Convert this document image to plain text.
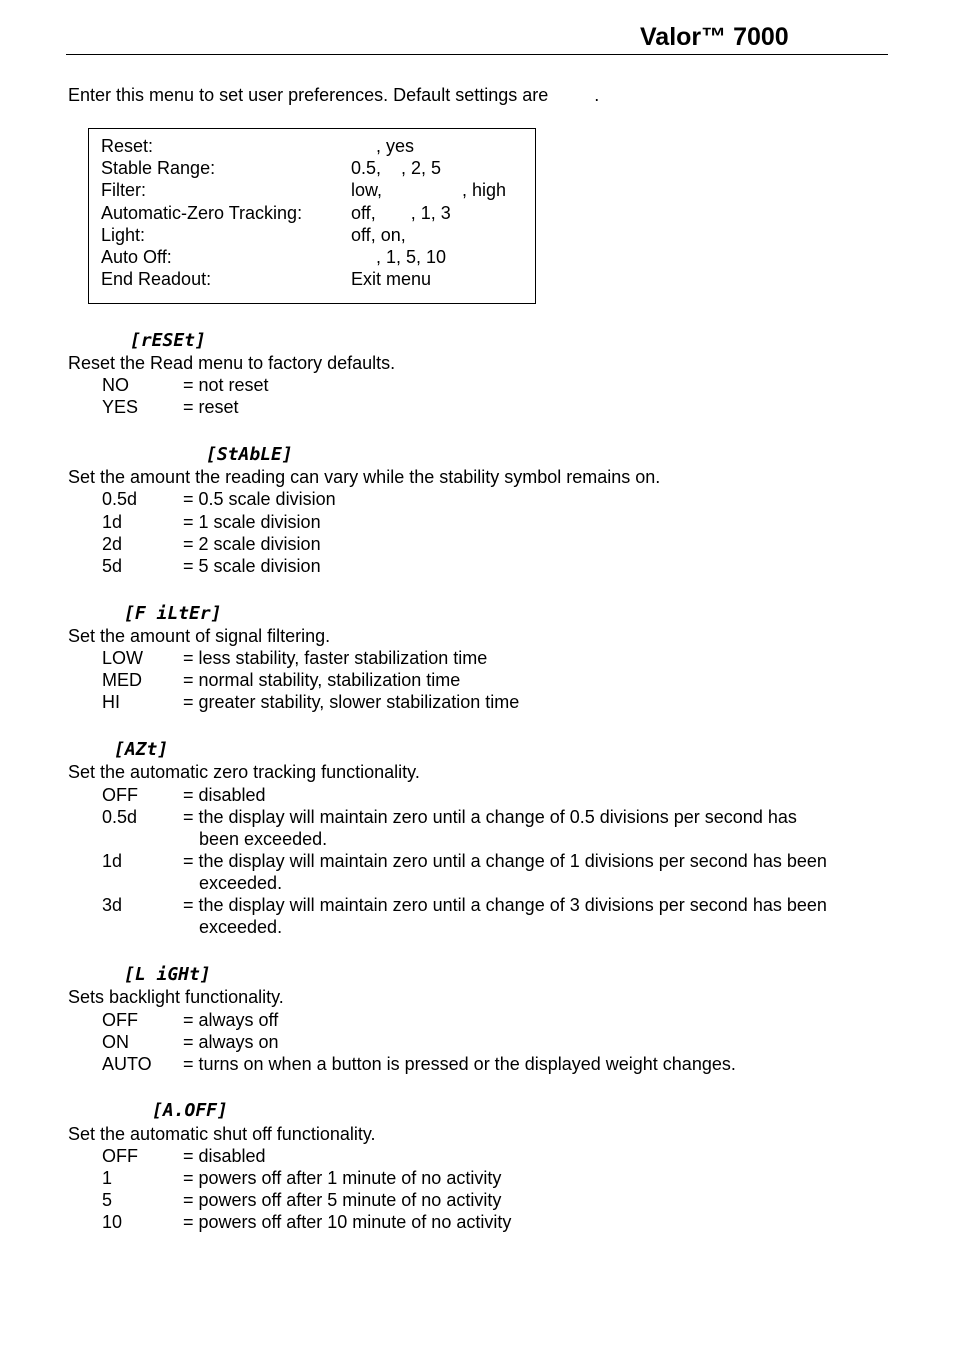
Valor™ 7000
Enter this menu to set user preferences. Default settings are	.
Reset:	, yes
Stable Range:	0.5,    , 2, 5
Filter:	low,                , high
Automatic-Zero Tracking:	off,       , 1, 3
Light:	off, on,
Auto Off:	, 1, 5, 10
End Readout:	Exit menu
[rESEt]
Reset the Read menu to factory defaults.
NO	= not reset
YES = reset
[StAbLE]
Set the amount the reading can vary while the stability symbol remains on.
0.5d	= 0.5 scale division
1d	= 1 scale division
2d	= 2 scale division
5d	= 5 scale division
[F iLtEr]
Set the amount of signal filtering.
LOW = less stability, faster stabilization time
MED = normal stability, stabilization time
HI	= greater stability, slower stabilization time
[AZt]
Set the automatic zero tracking functionality.
OFF	= disabled
0.5d	= the display will maintain zero until a change of 0.5 divisions per second has
been exceeded.
1d	= the display will maintain zero until a change of 1 divisions per second has been
exceeded.
3d	= the display will maintain zero until a change of 3 divisions per second has been
exceeded.
[L iGHt]
Sets backlight functionality.
OFF	= always off
ON	= always on
AUTO = turns on when a button is pressed or the displayed weight changes.
[A.OFF]
Set the automatic shut off functionality.
OFF	= disabled
1	= powers off after 1 minute of no activity
5	= powers off after 5 minute of no activity
10	= powers off after 10 minute of no activity
